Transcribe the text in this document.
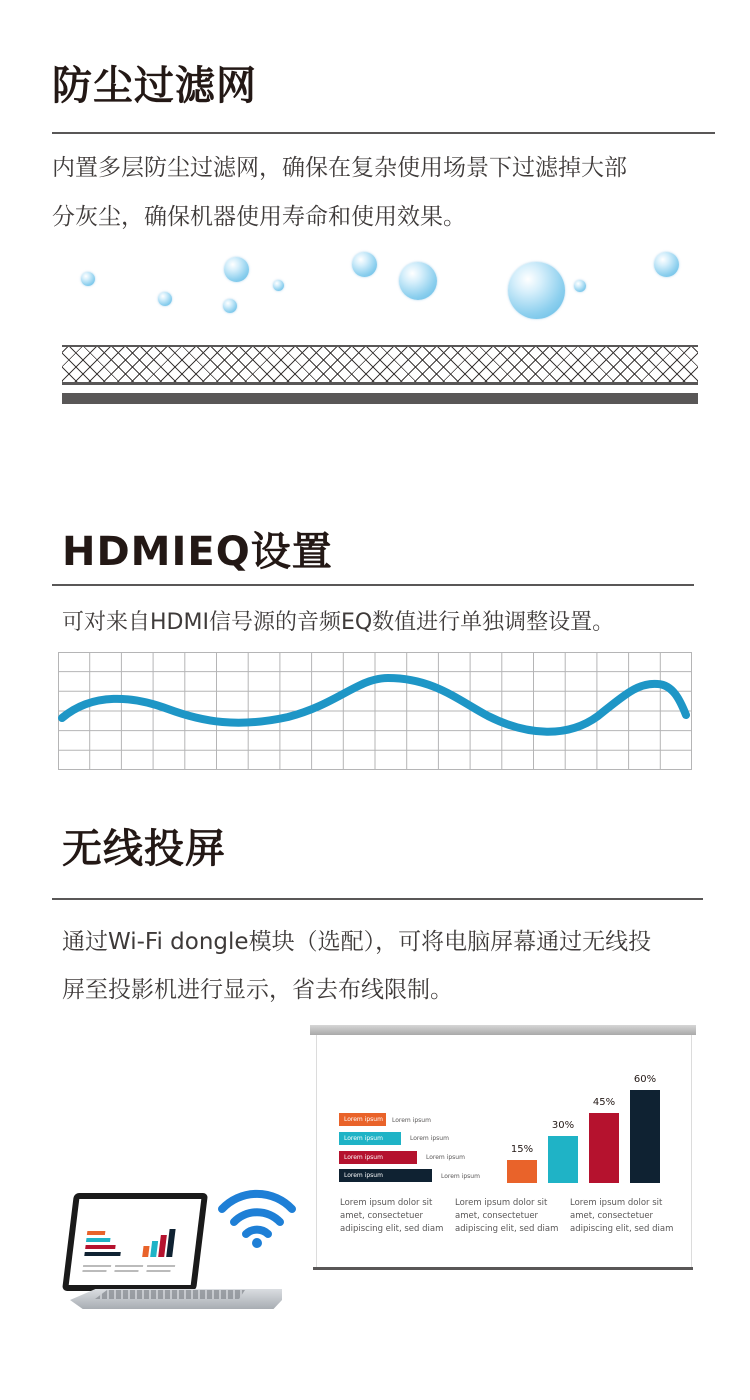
防尘过滤网
内置多层防尘过滤网，确保在复杂使用场景下过滤掉大部
分灰尘，确保机器使用寿命和使用效果。
HDMIEQ设置
可对来自HDMI信号源的音频EQ数值进行单独调整设置。
无线投屏
通过Wi-Fi dongle模块（选配），可将电脑屏幕通过无线投
屏至投影机进行显示，省去布线限制。
Lorem ipsum	Lorem ipsum
Lorem ipsum	Lorem ipsum
Lorem ipsum	Lorem ipsum
Lorem ipsum	Lorem ipsum
15%
30%
45%
60%
Lorem ipsum dolor sit
amet, consectetuer
adipiscing elit, sed diam
Lorem ipsum dolor sit
amet, consectetuer
adipiscing elit, sed diam
Lorem ipsum dolor sit
amet, consectetuer
adipiscing elit, sed diam
